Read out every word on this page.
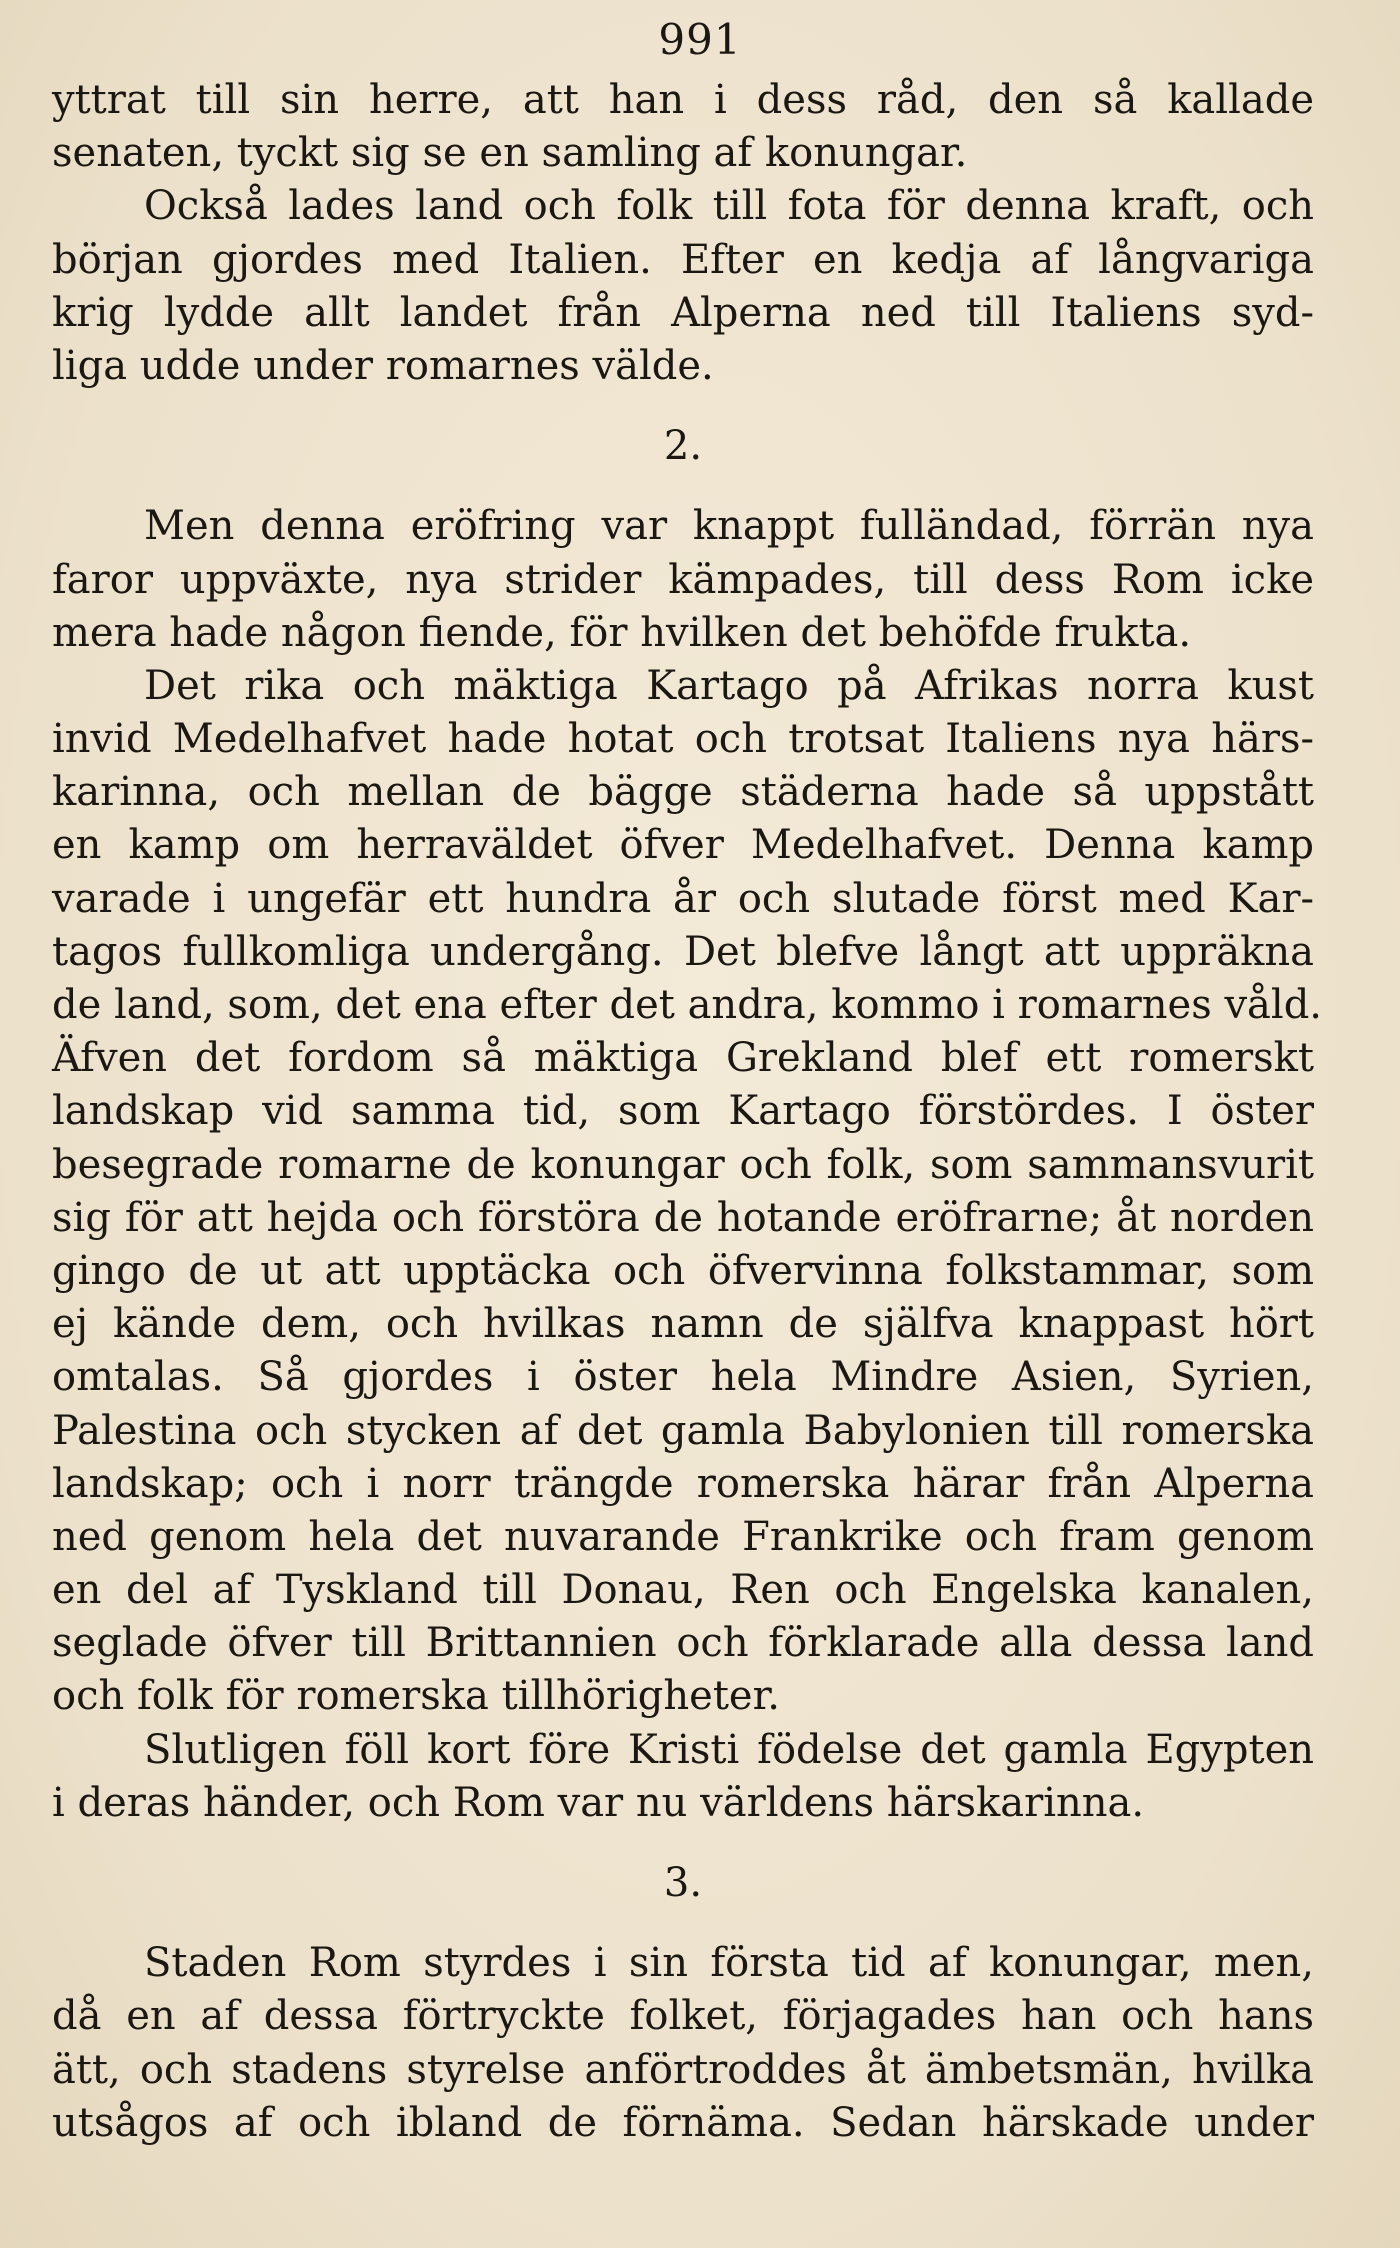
991
yttrat till sin herre, att han i dess råd, den så kallade
senaten, tyckt sig se en samling af konungar.
Också lades land och folk till fota för denna kraft, och
början gjordes med Italien. Efter en kedja af långvariga
krig lydde allt landet från Alperna ned till Italiens syd-
liga udde under romarnes välde.
2.
Men denna eröfring var knappt fulländad, förrän nya
faror uppväxte, nya strider kämpades, till dess Rom icke
mera hade någon fiende, för hvilken det behöfde frukta.
Det rika och mäktiga Kartago på Afrikas norra kust
invid Medelhafvet hade hotat och trotsat Italiens nya härs-
karinna, och mellan de bägge städerna hade så uppstått
en kamp om herraväldet öfver Medelhafvet. Denna kamp
varade i ungefär ett hundra år och slutade först med Kar-
tagos fullkomliga undergång. Det blefve långt att uppräkna
de land, som, det ena efter det andra, kommo i romarnes våld.
Äfven det fordom så mäktiga Grekland blef ett romerskt
landskap vid samma tid, som Kartago förstördes. I öster
besegrade romarne de konungar och folk, som sammansvurit
sig för att hejda och förstöra de hotande eröfrarne; åt norden
gingo de ut att upptäcka och öfvervinna folkstammar, som
ej kände dem, och hvilkas namn de själfva knappast hört
omtalas. Så gjordes i öster hela Mindre Asien, Syrien,
Palestina och stycken af det gamla Babylonien till romerska
landskap; och i norr trängde romerska härar från Alperna
ned genom hela det nuvarande Frankrike och fram genom
en del af Tyskland till Donau, Ren och Engelska kanalen,
seglade öfver till Brittannien och förklarade alla dessa land
och folk för romerska tillhörigheter.
Slutligen föll kort före Kristi födelse det gamla Egypten
i deras händer, och Rom var nu världens härskarinna.
3.
Staden Rom styrdes i sin första tid af konungar, men,
då en af dessa förtryckte folket, förjagades han och hans
ätt, och stadens styrelse anförtroddes åt ämbetsmän, hvilka
utsågos af och ibland de förnäma. Sedan härskade under
